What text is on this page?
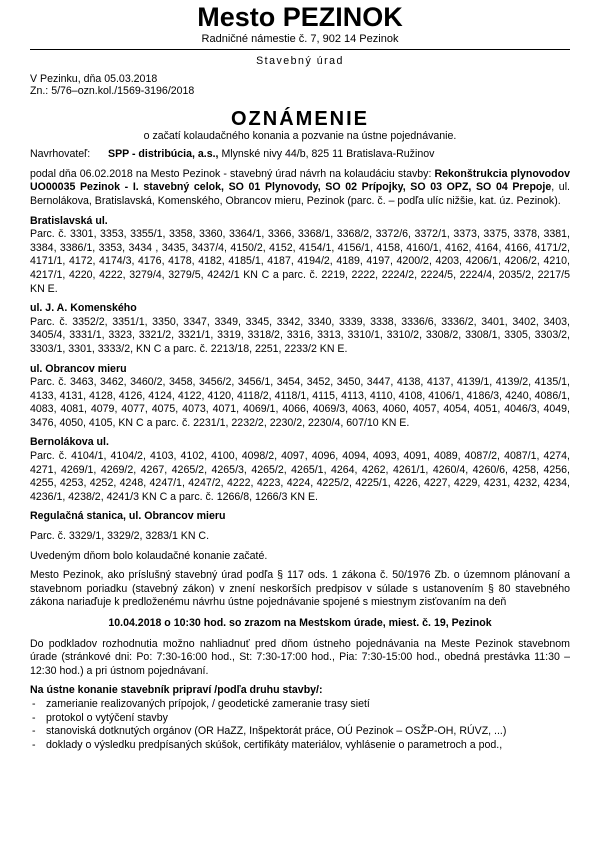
Mesto PEZINOK
Radničné námestie č. 7, 902 14 Pezinok
Stavebný úrad
V Pezinku, dňa 05.03.2018
Zn.: 5/76–ozn.kol./1569-3196/2018
OZNÁMENIE
o začatí kolaudačného konania a pozvanie na ústne pojednávanie.
Navrhovateľ: SPP - distribúcia, a.s., Mlynské nivy 44/b, 825 11 Bratislava-Ružinov

podal dňa 06.02.2018 na Mesto Pezinok - stavebný úrad návrh na kolaudáciu stavby: Rekonštrukcia plynovodov UO00035 Pezinok - I. stavebný celok, SO 01 Plynovody, SO 02 Prípojky, SO 03 OPZ, SO 04 Prepoje, ul. Bernolákova, Bratislavská, Komenského, Obrancov mieru, Pezinok (parc. č. – podľa ulíc nižšie, kat. úz. Pezinok).

Bratislavská ul.

Parc. č. 3301, 3353, 3355/1, 3358, 3360, 3364/1, 3366, 3368/1, 3368/2, 3372/6, 3372/1, 3373, 3375, 3378, 3381, 3384, 3386/1, 3353, 3434 , 3435, 3437/4, 4150/2, 4152, 4154/1, 4156/1, 4158, 4160/1, 4162, 4164, 4166, 4171/2, 4171/1, 4172, 4174/3, 4176, 4178, 4182, 4185/1, 4187, 4194/2, 4189, 4197, 4200/2, 4203, 4206/1, 4206/2, 4210, 4217/1, 4220, 4222, 3279/4, 3279/5, 4242/1 KN C a parc. č. 2219, 2222, 2224/2, 2224/5, 2224/4, 2035/2, 2217/5 KN E.

ul. J. A. Komenského

Parc. č. 3352/2, 3351/1, 3350, 3347, 3349, 3345, 3342, 3340, 3339, 3338, 3336/6, 3336/2, 3401, 3402, 3403, 3405/4, 3331/1, 3323, 3321/2, 3321/1, 3319, 3318/2, 3316, 3313, 3310/1, 3310/2, 3308/2, 3308/1, 3305, 3303/2, 3303/1, 3301, 3333/2, KN C a parc. č. 2213/18, 2251, 2233/2 KN E.

ul. Obrancov mieru

Parc. č. 3463, 3462, 3460/2, 3458, 3456/2, 3456/1, 3454, 3452, 3450, 3447, 4138, 4137, 4139/1, 4139/2, 4135/1, 4133, 4131, 4128, 4126, 4124, 4122, 4120, 4118/2, 4118/1, 4115, 4113, 4110, 4108, 4106/1, 4186/3, 4240, 4086/1, 4083, 4081, 4079, 4077, 4075, 4073, 4071, 4069/1, 4066, 4069/3, 4063, 4060, 4057, 4054, 4051, 4046/3, 4049, 3476, 4050, 4105, KN C a parc. č. 2231/1, 2232/2, 2230/2, 2230/4, 607/10 KN E.

Bernolákova ul.

Parc. č. 4104/1, 4104/2, 4103, 4102, 4100, 4098/2, 4097, 4096, 4094, 4093, 4091, 4089, 4087/2, 4087/1, 4274, 4271, 4269/1, 4269/2, 4267, 4265/2, 4265/3, 4265/2, 4265/1, 4264, 4262, 4261/1, 4260/4, 4260/6, 4258, 4256, 4255, 4253, 4252, 4248, 4247/1, 4247/2, 4222, 4223, 4224, 4225/2, 4225/1, 4226, 4227, 4229, 4231, 4232, 4234, 4236/1, 4238/2, 4241/3 KN C a parc. č. 1266/8, 1266/3 KN E.

Regulačná stanica, ul. Obrancov mieru

Parc. č. 3329/1, 3329/2, 3283/1 KN C.

Uvedeným dňom bolo kolaudačné konanie začaté.

Mesto Pezinok, ako príslušný stavebný úrad podľa § 117 ods. 1 zákona č. 50/1976 Zb. o územnom plánovaní a stavebnom poriadku (stavebný zákon) v znení neskorších predpisov v súlade s ustanovením § 80 stavebného zákona nariaďuje k predloženému návrhu ústne pojednávanie spojené s miestnym zisťovaním na deň

10.04.2018 o 10:30 hod. so zrazom na Mestskom úrade, miest. č. 19, Pezinok

Do podkladov rozhodnutia možno nahliadnuť pred dňom ústneho pojednávania na Meste Pezinok stavebnom úrade (stránkové dni: Po: 7:30-16:00 hod., St: 7:30-17:00 hod., Pia: 7:30-15:00 hod., obedná prestávka 11:30 – 12:30 hod.) a pri ústnom pojednávaní.

Na ústne konanie stavebník pripraví /podľa druhu stavby/:
- zamerianie realizovaných prípojok, / geodetické zameranie trasy sietí
- protokol o vytýčení stavby
- stanoviská dotknutých orgánov (OR HaZZ, Inšpektorát práce, OÚ Pezinok – OSŽP-OH, RÚVZ, ...)
- doklady o výsledku predpísaných skúšok, certifikáty materiálov, vyhlásenie o parametroch a pod.,
